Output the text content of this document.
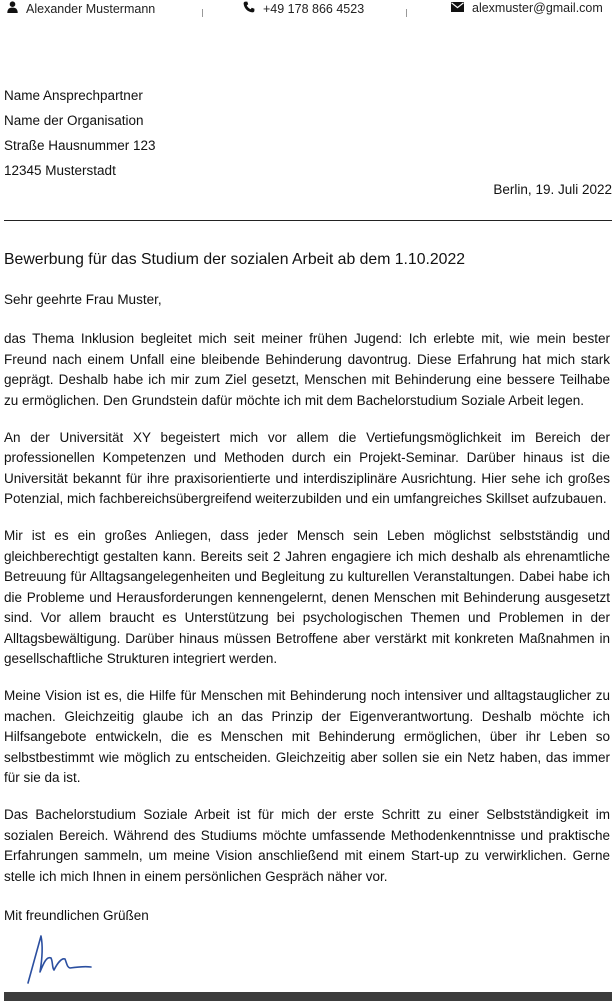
Alexander Mustermann	+49 178 866 4523	alexmuster@gmail.com
Name Ansprechpartner
Name der Organisation
Straße Hausnummer 123
12345 Musterstadt
Berlin, 19. Juli 2022
Bewerbung für das Studium der sozialen Arbeit ab dem 1.10.2022
Sehr geehrte Frau Muster,

das Thema Inklusion begleitet mich seit meiner frühen Jugend: Ich erlebte mit, wie mein bester Freund nach einem Unfall eine bleibende Behinderung davontrug. Diese Erfahrung hat mich stark geprägt. Deshalb habe ich mir zum Ziel gesetzt, Menschen mit Behinderung eine bessere Teilhabe zu ermöglichen. Den Grundstein dafür möchte ich mit dem Bachelorstudium Soziale Arbeit legen.

An der Universität XY begeistert mich vor allem die Vertiefungsmöglichkeit im Bereich der professionellen Kompetenzen und Methoden durch ein Projekt-Seminar. Darüber hinaus ist die Universität bekannt für ihre praxisorientierte und interdisziplinäre Ausrichtung. Hier sehe ich großes Potenzial, mich fachbereichsübergreifend weiterzubilden und ein umfangreiches Skillset aufzubauen.

Mir ist es ein großes Anliegen, dass jeder Mensch sein Leben möglichst selbstständig und gleichberechtigt gestalten kann. Bereits seit 2 Jahren engagiere ich mich deshalb als ehrenamtliche Betreuung für Alltagsangelegenheiten und Begleitung zu kulturellen Veranstaltungen. Dabei habe ich die Probleme und Herausforderungen kennengelernt, denen Menschen mit Behinderung ausgesetzt sind. Vor allem braucht es Unterstützung bei psychologischen Themen und Problemen in der Alltagsbewältigung. Darüber hinaus müssen Betroffene aber verstärkt mit konkreten Maßnahmen in gesellschaftliche Strukturen integriert werden.

Meine Vision ist es, die Hilfe für Menschen mit Behinderung noch intensiver und alltagstauglicher zu machen. Gleichzeitig glaube ich an das Prinzip der Eigenverantwortung. Deshalb möchte ich Hilfsangebote entwickeln, die es Menschen mit Behinderung ermöglichen, über ihr Leben so selbstbestimmt wie möglich zu entscheiden. Gleichzeitig aber sollen sie ein Netz haben, das immer für sie da ist.

Das Bachelorstudium Soziale Arbeit ist für mich der erste Schritt zu einer Selbstständigkeit im sozialen Bereich. Während des Studiums möchte umfassende Methodenkenntnisse und praktische Erfahrungen sammeln, um meine Vision anschließend mit einem Start-up zu verwirklichen. Gerne stelle ich mich Ihnen in einem persönlichen Gespräch näher vor.

Mit freundlichen Grüßen
